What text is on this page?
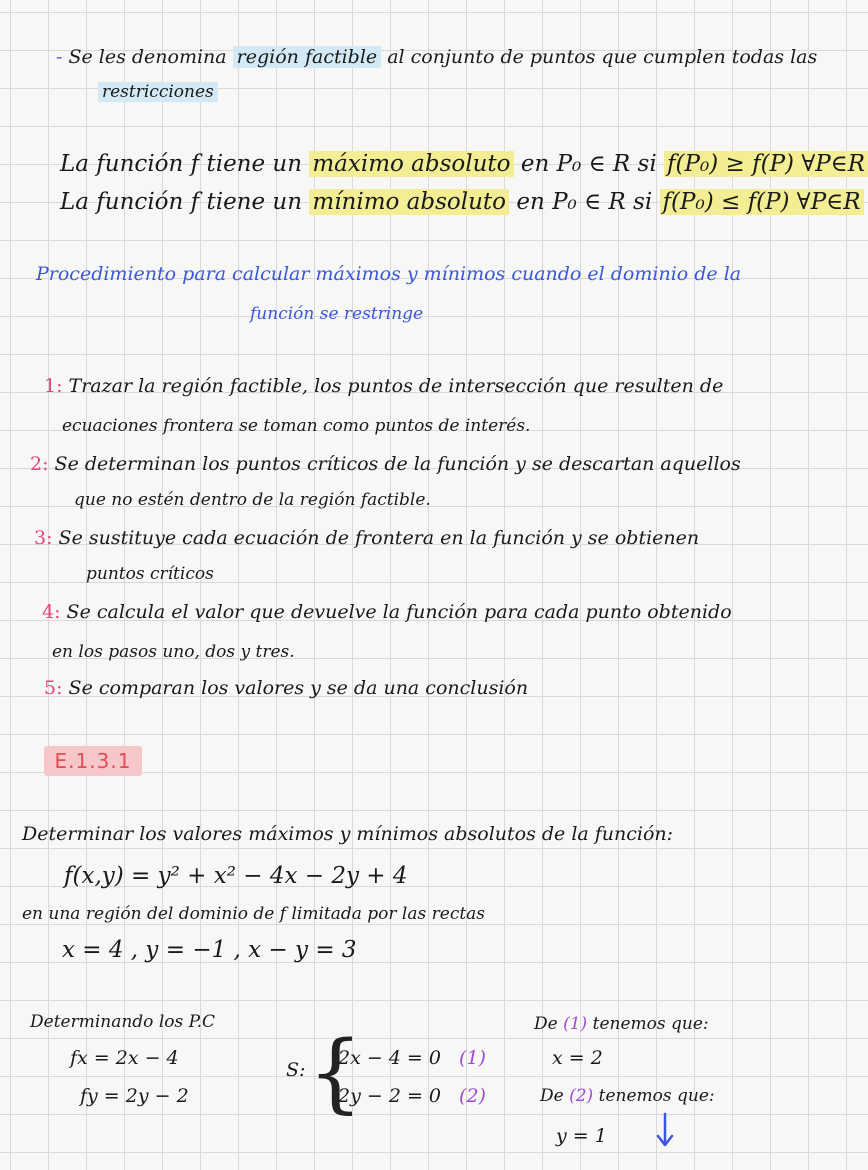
- Se les denomina región factible al conjunto de puntos que cumplen todas las
restricciones
La función f tiene un máximo absoluto en P₀ ∈ R si f(P₀) ≥ f(P) ∀P∈R
La función f tiene un mínimo absoluto en P₀ ∈ R si f(P₀) ≤ f(P) ∀P∈R
Procedimiento para calcular máximos y mínimos cuando el dominio de la
función se restringe
1: Trazar la región factible, los puntos de intersección que resulten de
ecuaciones frontera se toman como puntos de interés.
2: Se determinan los puntos críticos de la función y se descartan aquellos
que no estén dentro de la región factible.
3: Se sustituye cada ecuación de frontera en la función y se obtienen
puntos críticos
4: Se calcula el valor que devuelve la función para cada punto obtenido
en los pasos uno, dos y tres.
5: Se comparan los valores y se da una conclusión
E.1.3.1
Determinar los valores máximos y mínimos absolutos de la función:
f(x,y) = y² + x² − 4x − 2y + 4
en una región del dominio de f limitada por las rectas
x = 4 , y = −1 , x − y = 3
Determinando los P.C
fx = 2x − 4
fy = 2y − 2
S: {
2x − 4 = 0 (1)
2y − 2 = 0 (2)
De (1) tenemos que:
x = 2
De (2) tenemos que:
y = 1
